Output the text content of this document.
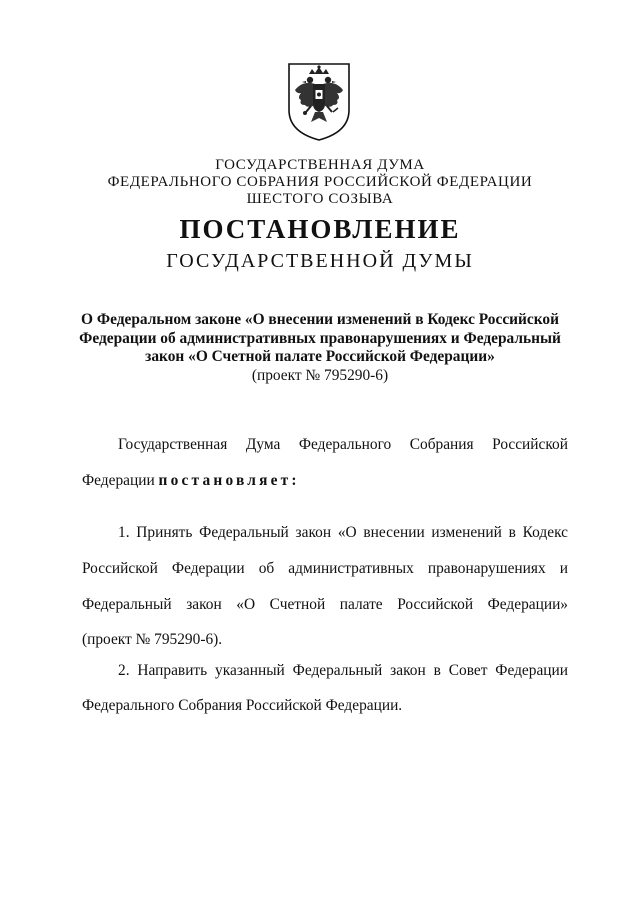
ГОСУДАРСТВЕННАЯ ДУМА
ФЕДЕРАЛЬНОГО СОБРАНИЯ РОССИЙСКОЙ ФЕДЕРАЦИИ
ШЕСТОГО СОЗЫВА
ПОСТАНОВЛЕНИЕ
ГОСУДАРСТВЕННОЙ ДУМЫ
О Федеральном законе «О внесении изменений в Кодекс Российской
Федерации об административных правонарушениях и Федеральный
закон «О Счетной палате Российской Федерации»
(проект № 795290-6)
Государственная Дума Федерального Собрания Российской
Федерации постановляет:
1. Принять Федеральный закон «О внесении изменений в Кодекс
Российской Федерации об административных правонарушениях и
Федеральный закон «О Счетной палате Российской Федерации»
(проект № 795290-6).
2. Направить указанный Федеральный закон в Совет Федерации
Федерального Собрания Российской Федерации.
